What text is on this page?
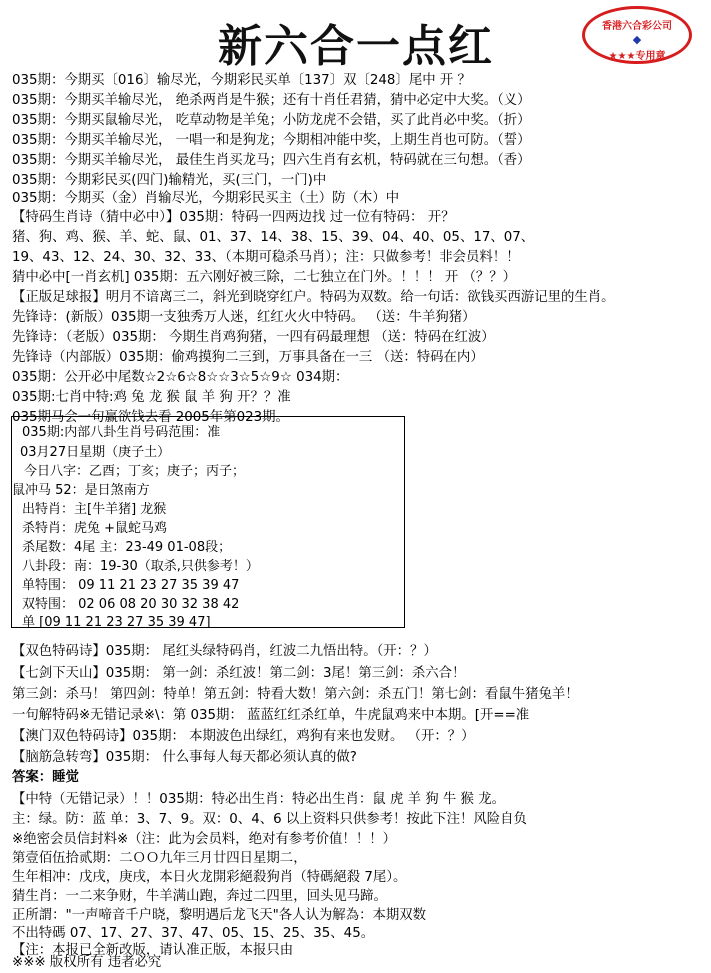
新六合一点红	香港六合彩公司
◆
★★★专用章
035期：今期买〔016〕输尽光，今期彩民买单〔137〕双〔248〕尾中 开 ？
035期：今期买羊输尽光， 绝杀两肖是牛猴；还有十肖任君猜，猜中必定中大奖。（义）
035期：今期买鼠输尽光， 吃草动物是羊兔；小防龙虎不会错，买了此肖必中奖。（折）
035期：今期买羊输尽光， 一唱一和是狗龙；今期相冲能中奖，上期生肖也可防。（誓）
035期：今期买羊输尽光， 最佳生肖买龙马；四六生肖有玄机，特码就在三句想。（香）
035期：今期彩民买(四门)输精光，买(三门，一门)中
035期：今期买（金）肖输尽光，今期彩民买主（土）防（木）中
【特码生肖诗（猜中必中）】035期：特码一四两边找 过一位有特码： 开？
猪、狗、鸡、猴、羊、蛇、鼠、01、37、14、38、15、39、04、40、05、17、07、
19、43、12、24、30、32、33、（本期可稳杀马肖）；注：只做参考！非会员料！！
猜中必中[一肖玄机] 035期：五六刚好被三除，二七独立在门外。！！！ 开 （？？）
【正版足球报】明月不谙离三二，斜光到晓穿红户。特码为双数。给一句话：欲钱买西游记里的生肖。
先锋诗：(新版）035期一支独秀万人迷，红红火火中特码。 （送：牛羊狗猪）
先锋诗：（老版）035期： 今期生肖鸡狗猪，一四有码最理想 （送：特码在红波）
先锋诗（内部版）035期：偷鸡摸狗二三到，万事具备在一三 （送：特码在内）
035期：公开必中尾数☆2☆6☆8☆☆3☆5☆9☆ 034期：
035期:七肖中特:鸡 兔 龙 猴 鼠 羊 狗 开？？准
035期马会一句赢欲钱去看 2005年第023期。
035期:内部八卦生肖号码范围：准
03月27日星期（庚子土）
今日八字：乙酉；丁亥；庚子；丙子；
鼠冲马 52：是日煞南方
出特肖：主[牛羊猪] 龙猴
杀特肖：虎兔 +鼠蛇马鸡
杀尾数：4尾 主：23-49 01-08段；
八卦段：南：19-30（取杀,只供参考！）
单特围： 09 11 21 23 27 35 39 47
双特围： 02 06 08 20 30 32 38 42
单 [09 11 21 23 27 35 39 47]
【双色特码诗】035期： 尾红头绿特码肖，红波二九悟出特。（开：？）
【七剑下天山】035期： 第一剑：杀红波！第二剑：3尾！第三剑：杀六合！
第三剑：杀马！ 第四剑：特单！第五剑：特看大数！第六剑：杀五门！第七剑：看鼠牛猪兔羊！
一句解特码※无错记录※\：第 035期： 蓝蓝红红杀红单，牛虎鼠鸡来中本期。[开==准
【澳门双色特码诗】035期： 本期波色出绿红，鸡狗有来也发财。 （开：？）
【脑筋急转弯】035期： 什么事每人每天都必须认真的做?
答案：睡觉
【中特（无错记录）！！035期：特必出生肖：特必出生肖：鼠 虎 羊 狗 牛 猴 龙。
主：绿。防：蓝 单：3、7、9。双：0、4、6 以上资料只供参考！按此下注！风险自负
※绝密会员信封料※（注：此为会员料，绝对有参考价值！！！）
第壹佰伍拾贰期：二ＯＯ九年三月廿四日星期二，
生年相冲：戊戌，庚戌，本日火龙開彩絕殺狗肖（特碼絕殺 7尾）。
猜生肖：一二来争财，牛羊满山跑，奔过二四里，回头见马蹄。
正所謂："一声啼音千户晓，黎明遇后龙飞天"各人认为解為：本期双数
不出特碼 07、17、27、37、47、05、15、25、35、45。
【注：本报已全新改版，请认准正版，本报只由
※※※ 版权所有 违者必究
